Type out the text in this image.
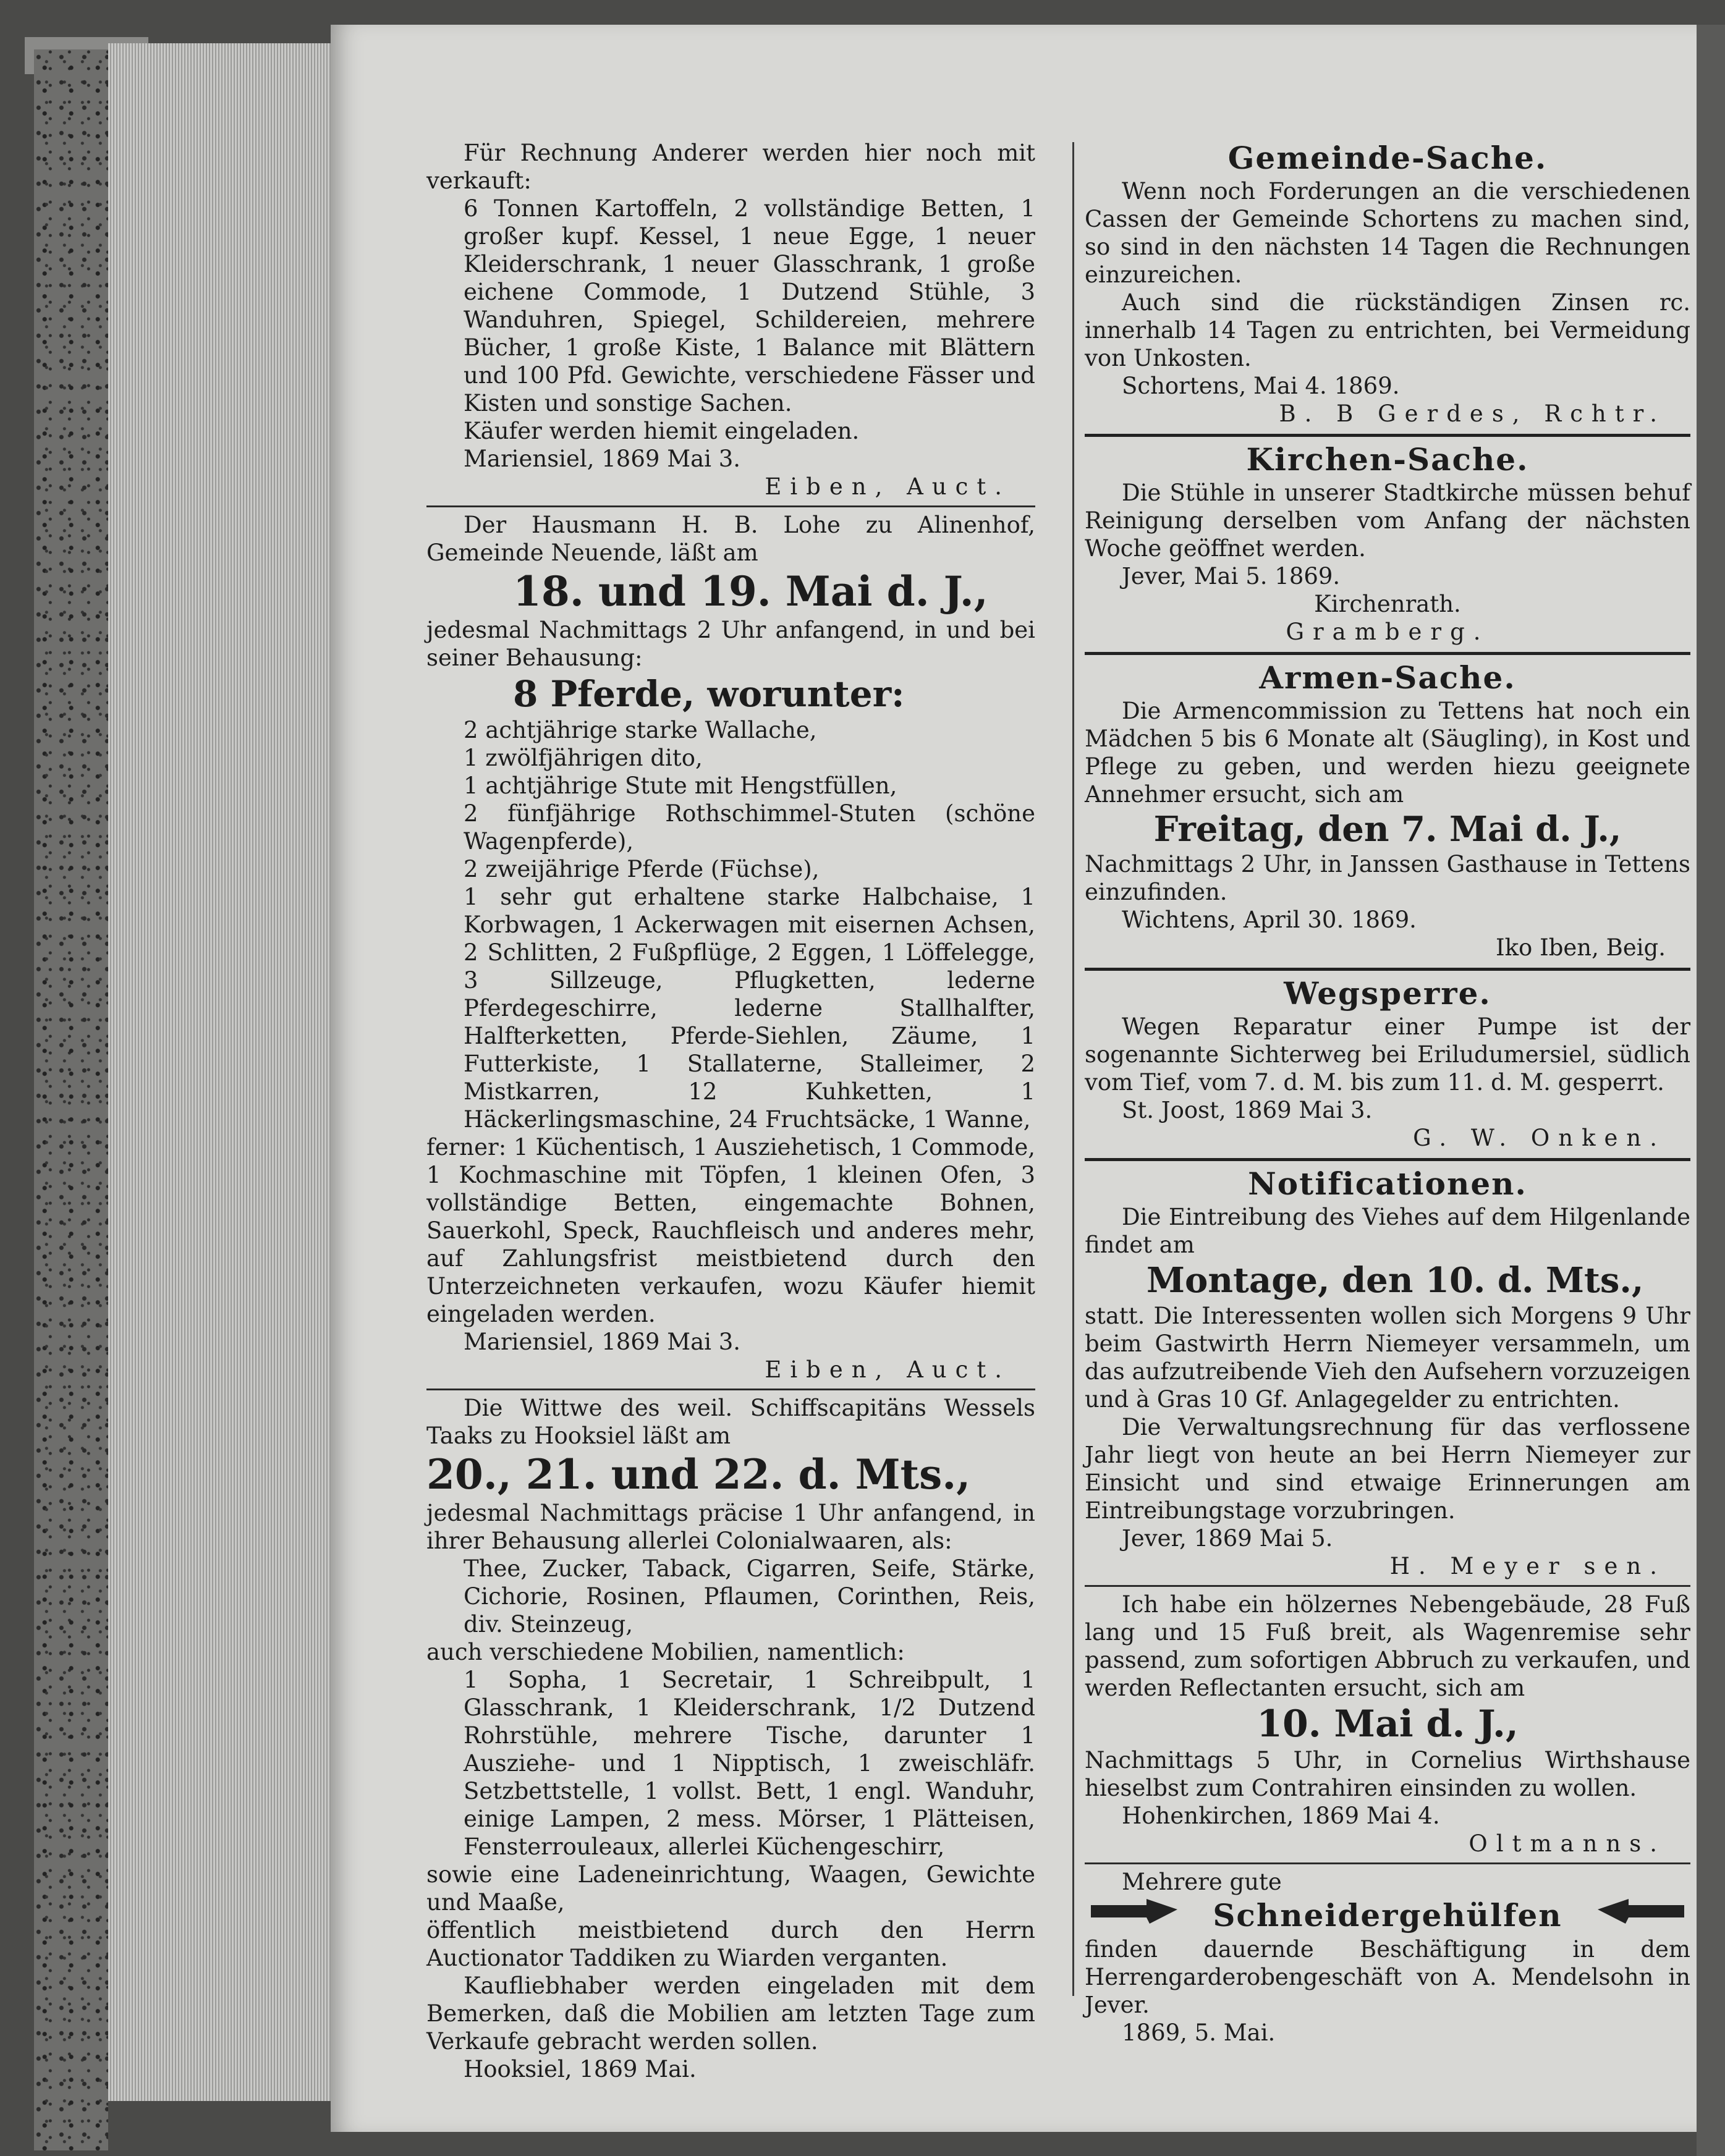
Für Rechnung Anderer werden hier noch mit verkauft:

6 Tonnen Kartoffeln, 2 vollständige Betten, 1 großer kupf. Kessel, 1 neue Egge, 1 neuer Kleiderschrank, 1 neuer Glasschrank, 1 große eichene Commode, 1 Dutzend Stühle, 3 Wanduhren, Spiegel, Schildereien, mehrere Bücher, 1 große Kiste, 1 Balance mit Blättern und 100 Pfd. Gewichte, verschiedene Fässer und Kisten und sonstige Sachen.

Käufer werden hiemit eingeladen.

Mariensiel, 1869 Mai 3.

Eiben, Auct.

Der Hausmann H. B. Lohe zu Alinenhof, Gemeinde Neuende, läßt am

18. und 19. Mai d. J.,

jedesmal Nachmittags 2 Uhr anfangend, in und bei seiner Behausung:

8 Pferde, worunter:

2 achtjährige starke Wallache,

1 zwölfjährigen dito,

1 achtjährige Stute mit Hengstfüllen,

2 fünfjährige Rothschimmel-Stuten (schöne Wagenpferde),

2 zweijährige Pferde (Füchse),

1 sehr gut erhaltene starke Halbchaise, 1 Korbwagen, 1 Ackerwagen mit eisernen Achsen, 2 Schlitten, 2 Fußpflüge, 2 Eggen, 1 Löffelegge, 3 Sillzeuge, Pflugketten, lederne Pferdegeschirre, lederne Stallhalfter, Halfterketten, Pferde-Siehlen, Zäume, 1 Futterkiste, 1 Stallaterne, Stalleimer, 2 Mistkarren, 12 Kuhketten, 1 Häckerlingsmaschine, 24 Fruchtsäcke, 1 Wanne,

ferner: 1 Küchentisch, 1 Ausziehetisch, 1 Commode, 1 Kochmaschine mit Töpfen, 1 kleinen Ofen, 3 vollständige Betten, eingemachte Bohnen, Sauerkohl, Speck, Rauchfleisch und anderes mehr, auf Zahlungsfrist meistbietend durch den Unterzeichneten verkaufen, wozu Käufer hiemit eingeladen werden.

Mariensiel, 1869 Mai 3.

Eiben, Auct.

Die Wittwe des weil. Schiffscapitäns Wessels Taaks zu Hooksiel läßt am

20., 21. und 22. d. Mts.,

jedesmal Nachmittags präcise 1 Uhr anfangend, in ihrer Behausung allerlei Colonialwaaren, als:

Thee, Zucker, Taback, Cigarren, Seife, Stärke, Cichorie, Rosinen, Pflaumen, Corinthen, Reis, div. Steinzeug,

auch verschiedene Mobilien, namentlich:

1 Sopha, 1 Secretair, 1 Schreibpult, 1 Glasschrank, 1 Kleiderschrank, 1/2 Dutzend Rohrstühle, mehrere Tische, darunter 1 Ausziehe- und 1 Nipptisch, 1 zweischläfr. Setzbettstelle, 1 vollst. Bett, 1 engl. Wanduhr, einige Lampen, 2 mess. Mörser, 1 Plätteisen, Fensterrouleaux, allerlei Küchengeschirr,

sowie eine Ladeneinrichtung, Waagen, Gewichte und Maaße,

öffentlich meistbietend durch den Herrn Auctionator Taddiken zu Wiarden verganten.

Kaufliebhaber werden eingeladen mit dem Bemerken, daß die Mobilien am letzten Tage zum Verkaufe gebracht werden sollen.

Hooksiel, 1869 Mai.

Gemeinde-Sache.

Wenn noch Forderungen an die verschiedenen Cassen der Gemeinde Schortens zu machen sind, so sind in den nächsten 14 Tagen die Rechnungen einzureichen.

Auch sind die rückständigen Zinsen rc. innerhalb 14 Tagen zu entrichten, bei Vermeidung von Unkosten.

Schortens, Mai 4. 1869.

B. B Gerdes, Rchtr.

Kirchen-Sache.

Die Stühle in unserer Stadtkirche müssen behuf Reinigung derselben vom Anfang der nächsten Woche geöffnet werden.

Jever, Mai 5. 1869.

Kirchenrath.

Gramberg.

Armen-Sache.

Die Armencommission zu Tettens hat noch ein Mädchen 5 bis 6 Monate alt (Säugling), in Kost und Pflege zu geben, und werden hiezu geeignete Annehmer ersucht, sich am

Freitag, den 7. Mai d. J.,

Nachmittags 2 Uhr, in Janssen Gasthause in Tettens einzufinden.

Wichtens, April 30. 1869.

Iko Iben, Beig.

Wegsperre.

Wegen Reparatur einer Pumpe ist der sogenannte Sichterweg bei Eriludumersiel, südlich vom Tief, vom 7. d. M. bis zum 11. d. M. gesperrt.

St. Joost, 1869 Mai 3.

G. W. Onken.

Notificationen.

Die Eintreibung des Viehes auf dem Hilgenlande findet am

Montage, den 10. d. Mts.,

statt. Die Interessenten wollen sich Morgens 9 Uhr beim Gastwirth Herrn Niemeyer versammeln, um das aufzutreibende Vieh den Aufsehern vorzuzeigen und à Gras 10 Gf. Anlagegelder zu entrichten.

Die Verwaltungsrechnung für das verflossene Jahr liegt von heute an bei Herrn Niemeyer zur Einsicht und sind etwaige Erinnerungen am Eintreibungstage vorzubringen.

Jever, 1869 Mai 5.

H. Meyer sen.

Ich habe ein hölzernes Nebengebäude, 28 Fuß lang und 15 Fuß breit, als Wagenremise sehr passend, zum sofortigen Abbruch zu verkaufen, und werden Reflectanten ersucht, sich am

10. Mai d. J.,

Nachmittags 5 Uhr, in Cornelius Wirthshause hieselbst zum Contrahiren einsinden zu wollen.

Hohenkirchen, 1869 Mai 4.

Oltmanns.

Mehrere gute

Schneidergehülfen

finden dauernde Beschäftigung in dem Herrengarderobengeschäft von A. Mendelsohn in Jever.

1869, 5. Mai.
